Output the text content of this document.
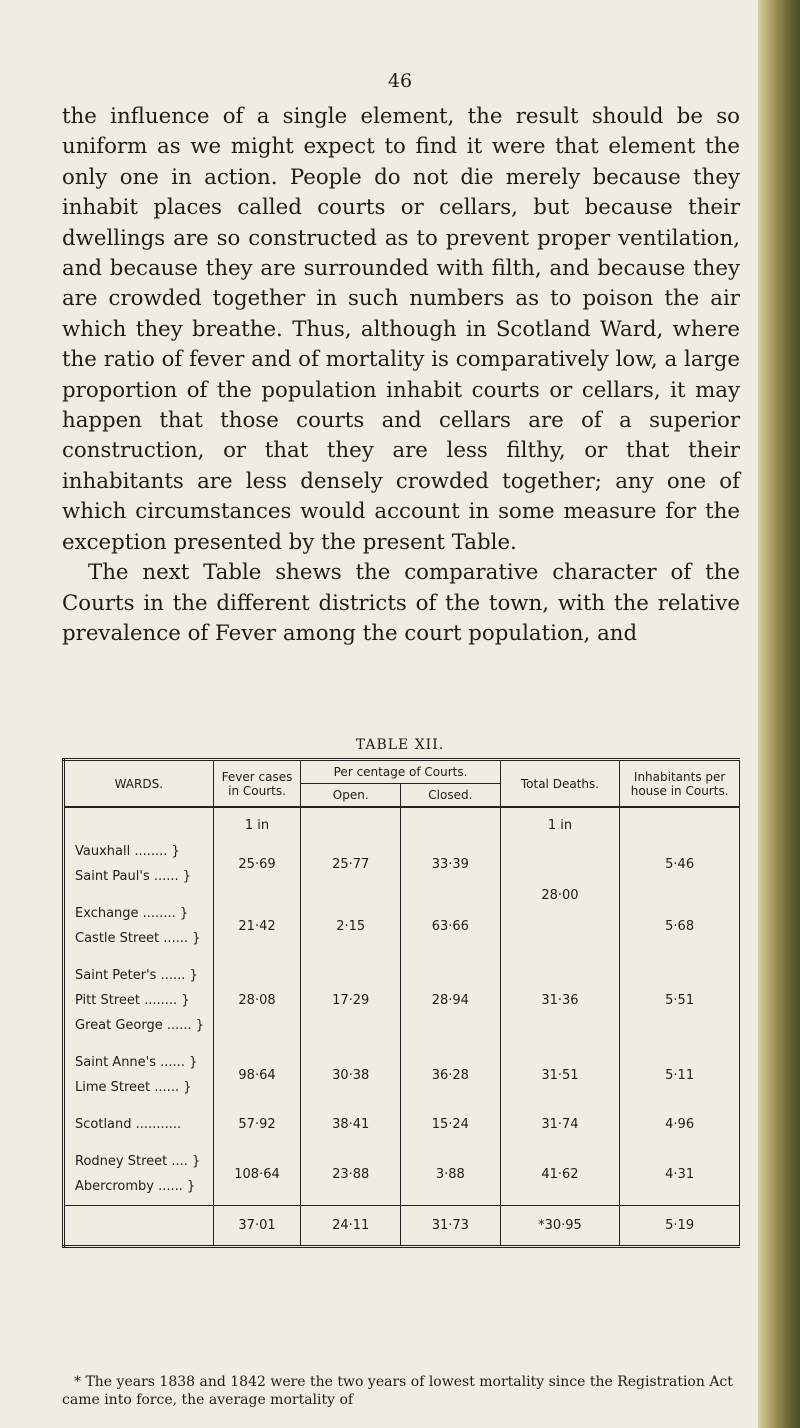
46

the influence of a single element, the result should be so uniform as we might expect to find it were that element the only one in action. People do not die merely because they inhabit places called courts or cellars, but because their dwellings are so constructed as to prevent proper ventilation, and because they are surrounded with filth, and because they are crowded together in such numbers as to poison the air which they breathe. Thus, although in Scotland Ward, where the ratio of fever and of mortality is comparatively low, a large proportion of the population inhabit courts or cellars, it may happen that those courts and cellars are of a superior construction, or that they are less filthy, or that their inhabitants are less densely crowded together; any one of which circumstances would account in some measure for the exception presented by the present Table.

The next Table shews the comparative character of the Courts in the different districts of the town, with the relative prevalence of Fever among the court population, and

TABLE XII.
WARDS.	Fever cases in Courts.	Per centage of Courts.		Total Deaths.	Inhabitants per house in Courts.
		Open.	Closed.		
	1 in			1 in	
Vauxhall ........ }
Saint Paul's ...... }	25·69	25·77	33·39	28·00	5·46
Exchange ........ }
Castle Street ...... }	21·42	2·15	63·66		5·68
Saint Peter's ...... }
Pitt Street ........ }
Great George ...... }	28·08	17·29	28·94	31·36	5·51
Saint Anne's ...... }
Lime Street ...... }	98·64	30·38	36·28	31·51	5·11
Scotland ...........	57·92	38·41	15·24	31·74	4·96
Rodney Street .... }
Abercromby ...... }	108·64	23·88	3·88	41·62	4·31
	37·01	24·11	31·73	*30·95	5·19
* The years 1838 and 1842 were the two years of lowest mortality since the Registration Act came into force, the average mortality of
